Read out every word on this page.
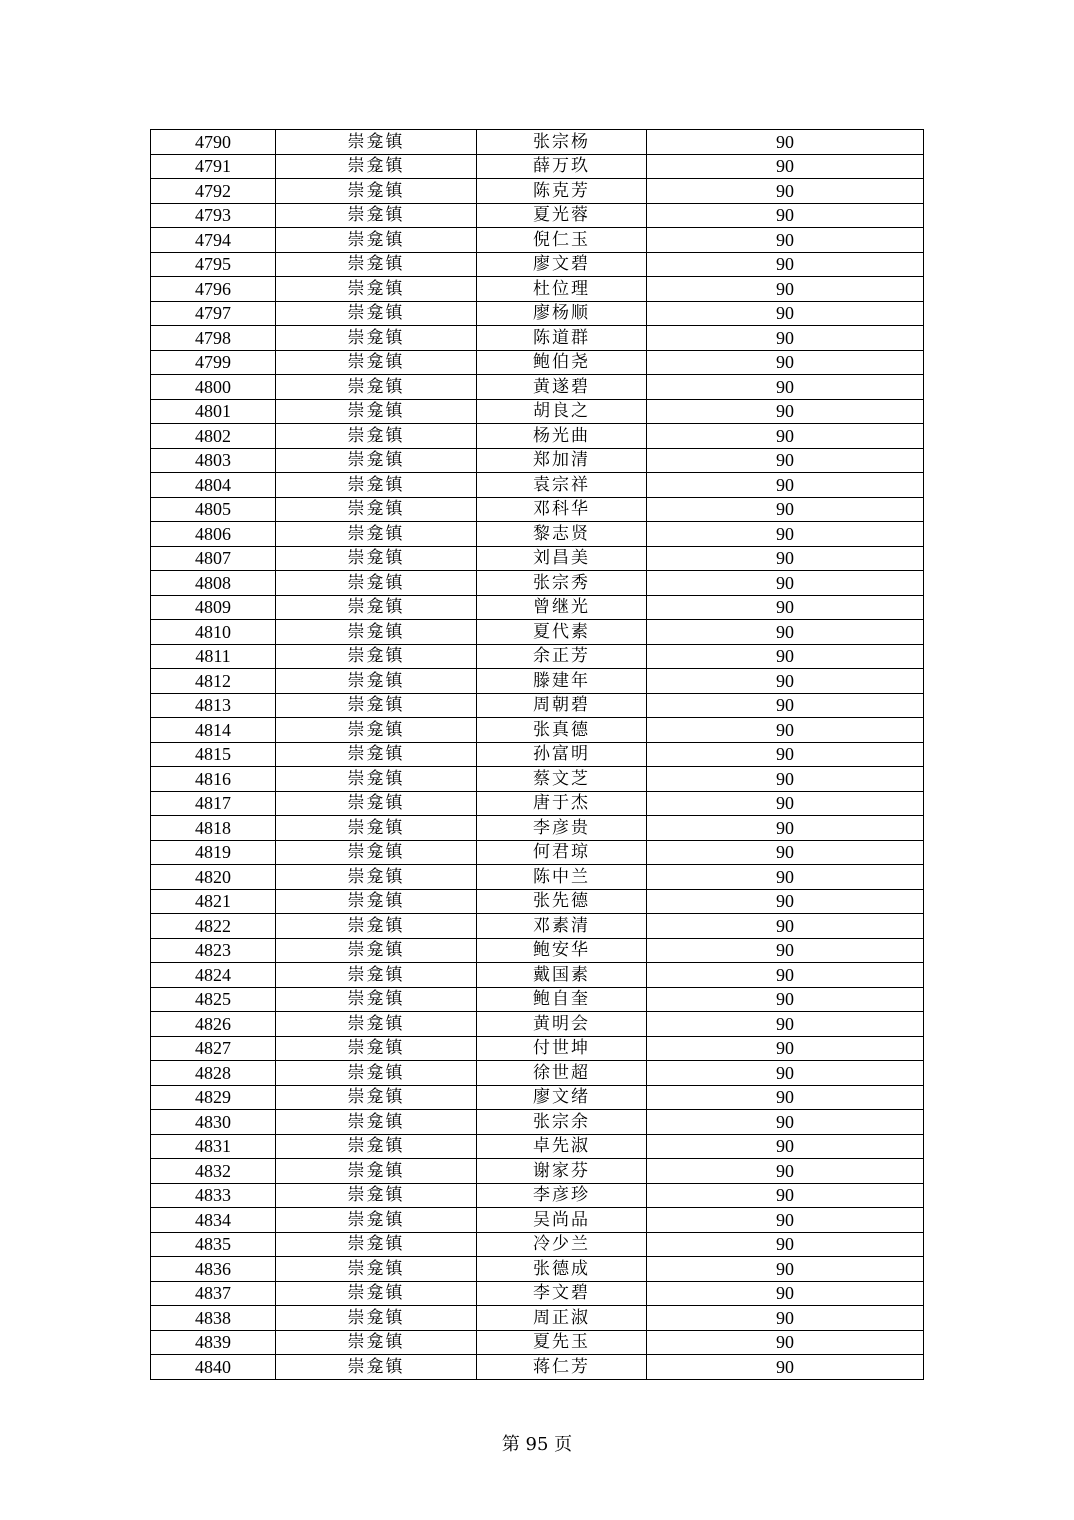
4790	崇龛镇	张宗杨	90
4791	崇龛镇	薛万玖	90
4792	崇龛镇	陈克芳	90
4793	崇龛镇	夏光蓉	90
4794	崇龛镇	倪仁玉	90
4795	崇龛镇	廖文碧	90
4796	崇龛镇	杜位理	90
4797	崇龛镇	廖杨顺	90
4798	崇龛镇	陈道群	90
4799	崇龛镇	鲍伯尧	90
4800	崇龛镇	黄遂碧	90
4801	崇龛镇	胡良之	90
4802	崇龛镇	杨光曲	90
4803	崇龛镇	郑加清	90
4804	崇龛镇	袁宗祥	90
4805	崇龛镇	邓科华	90
4806	崇龛镇	黎志贤	90
4807	崇龛镇	刘昌美	90
4808	崇龛镇	张宗秀	90
4809	崇龛镇	曾继光	90
4810	崇龛镇	夏代素	90
4811	崇龛镇	余正芳	90
4812	崇龛镇	滕建年	90
4813	崇龛镇	周朝碧	90
4814	崇龛镇	张真德	90
4815	崇龛镇	孙富明	90
4816	崇龛镇	蔡文芝	90
4817	崇龛镇	唐于杰	90
4818	崇龛镇	李彦贵	90
4819	崇龛镇	何君琼	90
4820	崇龛镇	陈中兰	90
4821	崇龛镇	张先德	90
4822	崇龛镇	邓素清	90
4823	崇龛镇	鲍安华	90
4824	崇龛镇	戴国素	90
4825	崇龛镇	鲍自奎	90
4826	崇龛镇	黄明会	90
4827	崇龛镇	付世坤	90
4828	崇龛镇	徐世超	90
4829	崇龛镇	廖文绪	90
4830	崇龛镇	张宗余	90
4831	崇龛镇	卓先淑	90
4832	崇龛镇	谢家芬	90
4833	崇龛镇	李彦珍	90
4834	崇龛镇	吴尚品	90
4835	崇龛镇	冷少兰	90
4836	崇龛镇	张德成	90
4837	崇龛镇	李文碧	90
4838	崇龛镇	周正淑	90
4839	崇龛镇	夏先玉	90
4840	崇龛镇	蒋仁芳	90
第 95 页
